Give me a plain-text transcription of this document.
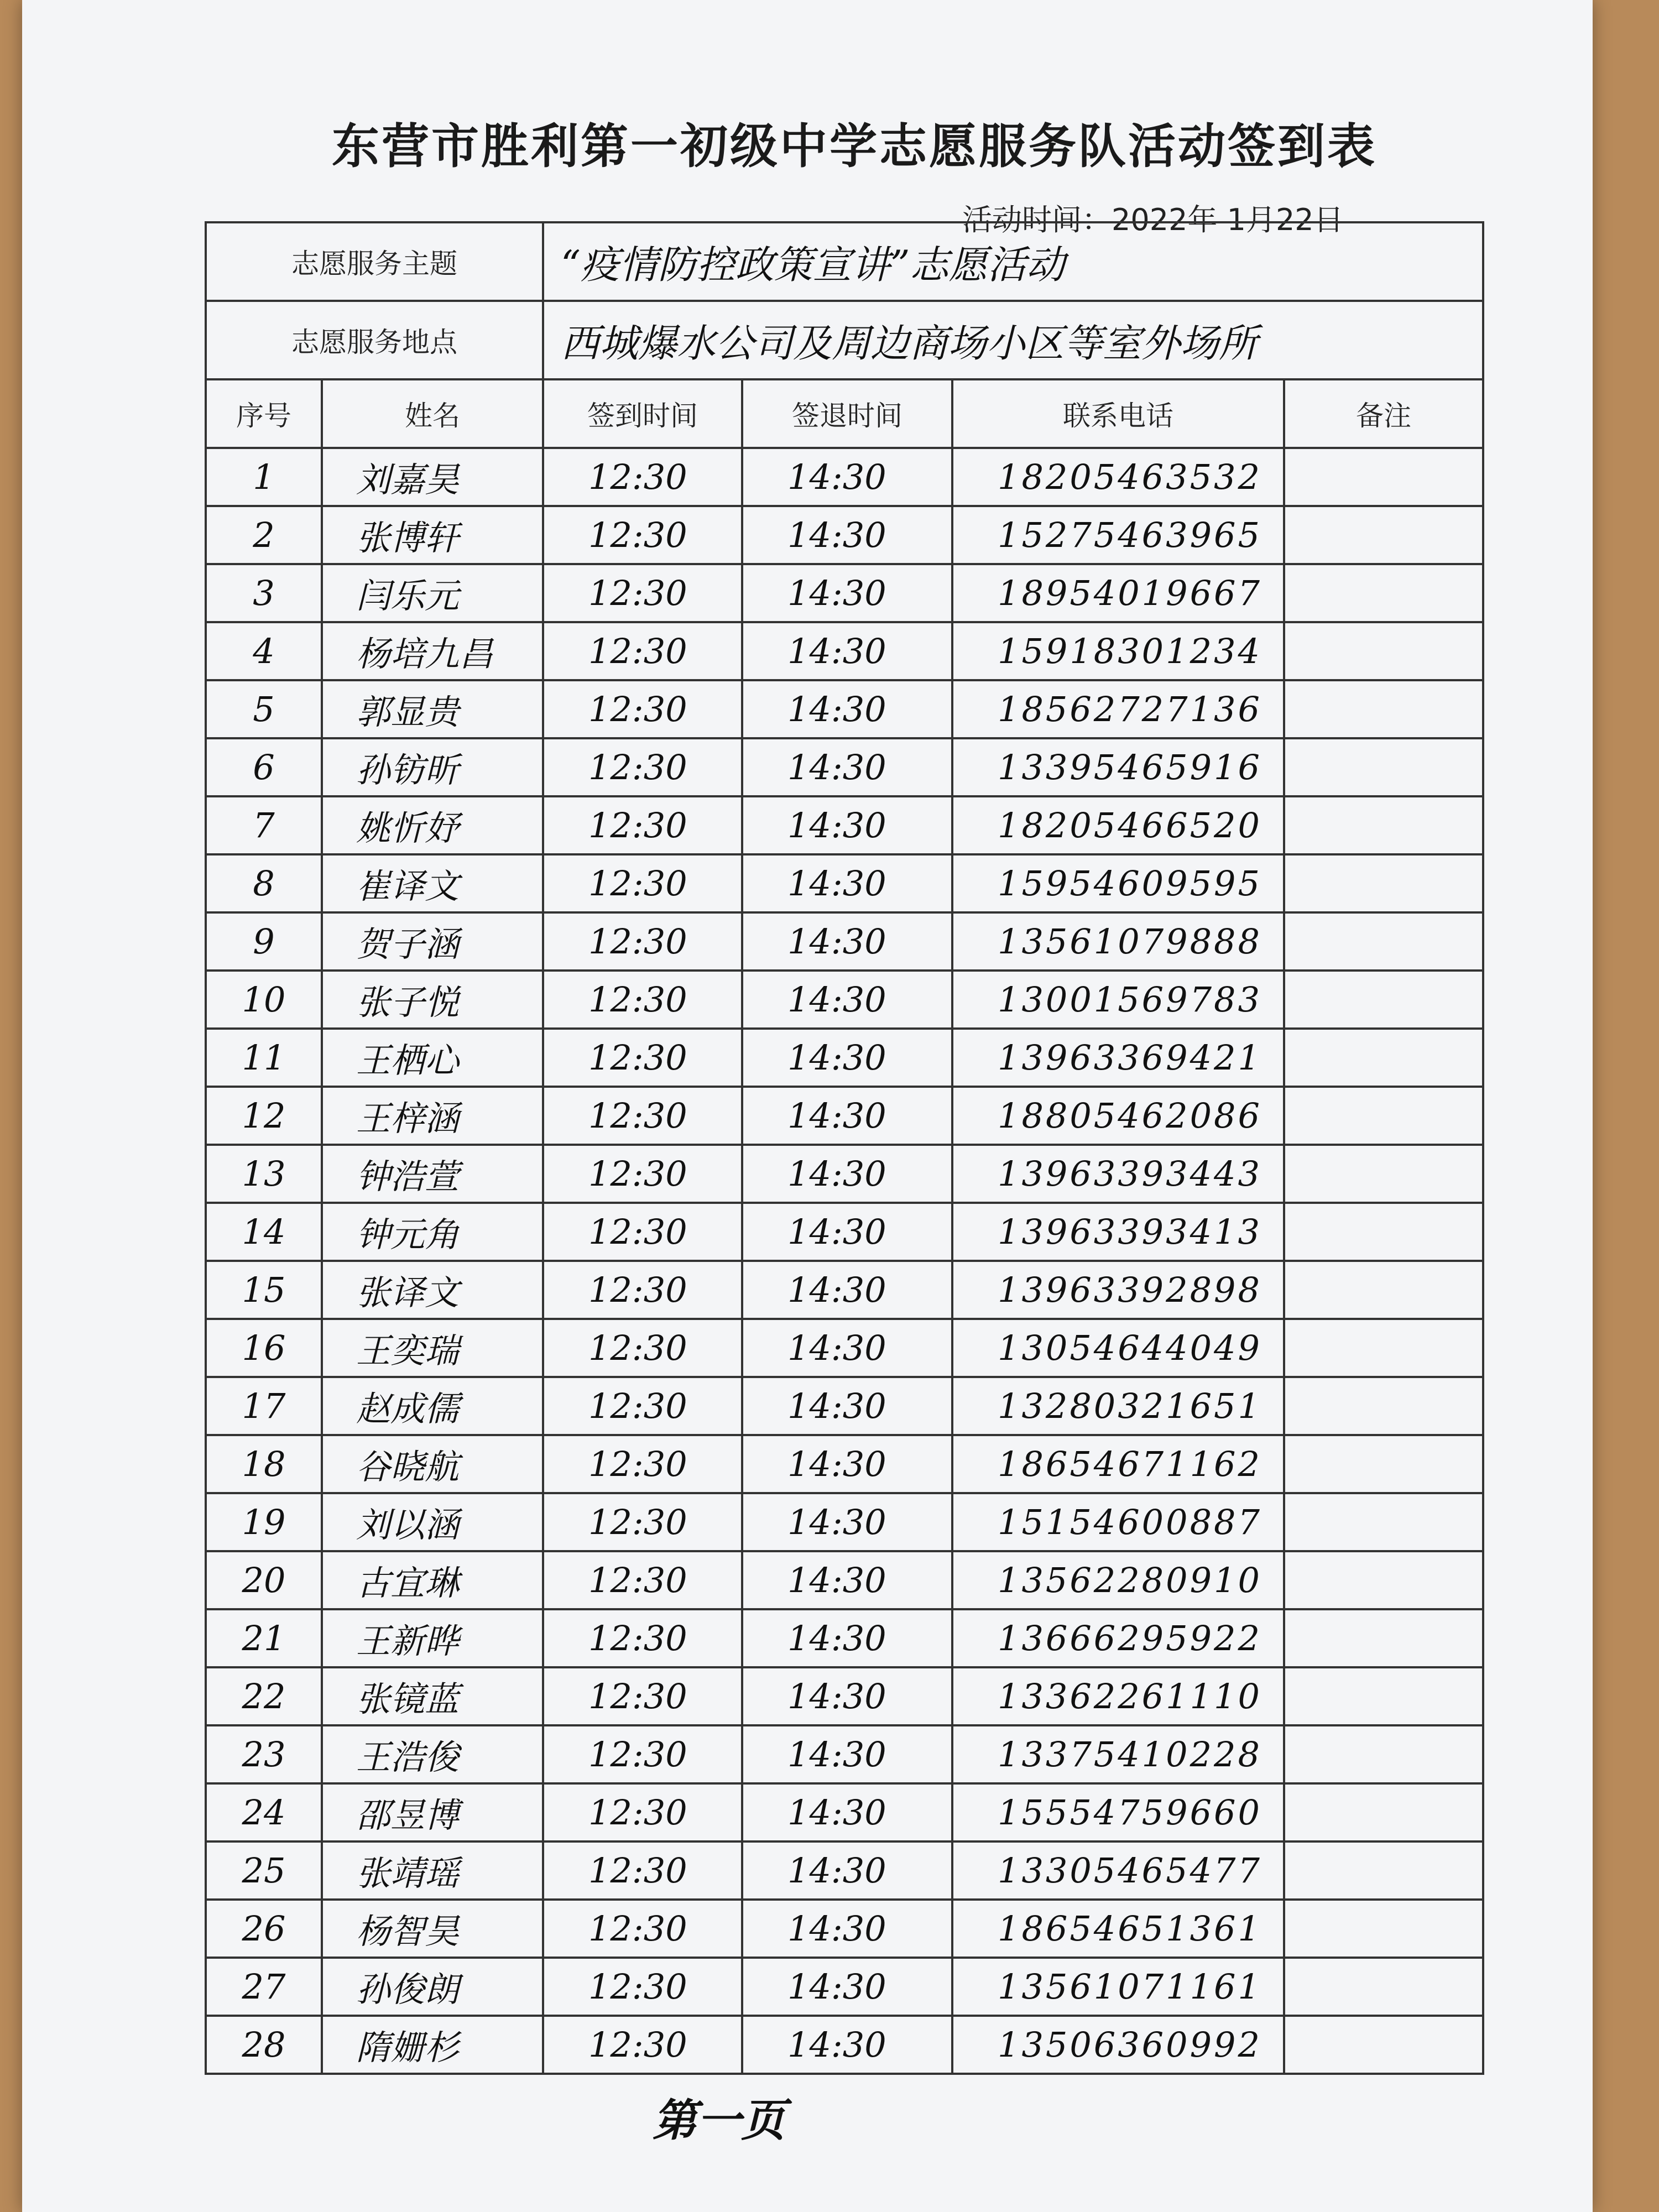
东营市胜利第一初级中学志愿服务队活动签到表
活动时间：2022年 1月22日
志愿服务主题		“疫情防控政策宣讲”志愿活动			
志愿服务地点		西城爆水公司及周边商场小区等室外场所			
序号	姓名	签到时间	签退时间	联系电话	备注
1	刘嘉昊	12:30	14:30	18205463532	
2	张博轩	12:30	14:30	15275463965	
3	闫乐元	12:30	14:30	18954019667	
4	杨培九昌	12:30	14:30	15918301234	
5	郭显贵	12:30	14:30	18562727136	
6	孙钫昕	12:30	14:30	13395465916	
7	姚忻妤	12:30	14:30	18205466520	
8	崔译文	12:30	14:30	15954609595	
9	贺子涵	12:30	14:30	13561079888	
10	张子悦	12:30	14:30	13001569783	
11	王栖心	12:30	14:30	13963369421	
12	王梓涵	12:30	14:30	18805462086	
13	钟浩萱	12:30	14:30	13963393443	
14	钟元角	12:30	14:30	13963393413	
15	张译文	12:30	14:30	13963392898	
16	王奕瑞	12:30	14:30	13054644049	
17	赵成儒	12:30	14:30	13280321651	
18	谷晓航	12:30	14:30	18654671162	
19	刘以涵	12:30	14:30	15154600887	
20	古宜琳	12:30	14:30	13562280910	
21	王新晔	12:30	14:30	13666295922	
22	张镜蓝	12:30	14:30	13362261110	
23	王浩俊	12:30	14:30	13375410228	
24	邵昱博	12:30	14:30	15554759660	
25	张靖瑶	12:30	14:30	13305465477	
26	杨智昊	12:30	14:30	18654651361	
27	孙俊朗	12:30	14:30	13561071161	
28	隋姗杉	12:30	14:30	13506360992	
第一页
